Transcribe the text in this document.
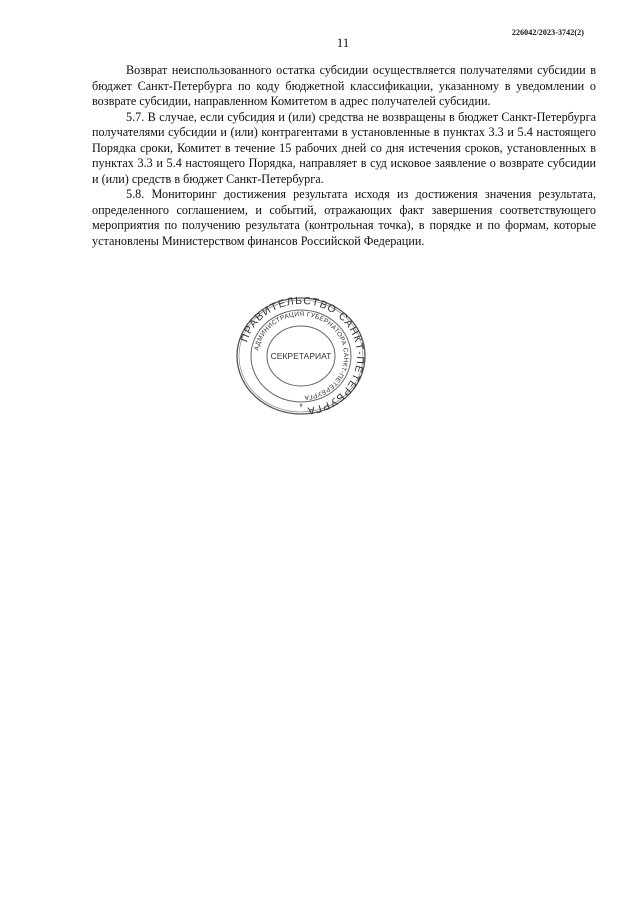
226042/2023-3742(2)
11

Возврат неиспользованного остатка субсидии осуществляется получателями субсидии в бюджет Санкт-Петербурга по коду бюджетной классификации, указанному в уведомлении о возврате субсидии, направленном Комитетом в адрес получателей субсидии.

5.7. В случае, если субсидия и (или) средства не возвращены в бюджет Санкт-Петербурга получателями субсидии и (или) контрагентами в установленные в пунктах 3.3 и 5.4 настоящего Порядка сроки, Комитет в течение 15 рабочих дней со дня истечения сроков, установленных в пунктах 3.3 и 5.4 настоящего Порядка, направляет в суд исковое заявление о возврате субсидии и (или) средств в бюджет Санкт-Петербурга.

5.8. Мониторинг достижения результата исходя из достижения значения результата, определенного соглашением, и событий, отражающих факт завершения соответствующего мероприятия по получению результата (контрольная точка), в порядке и по формам, которые установлены Министерством финансов Российской Федерации.

ПРАВИТЕЛЬСТВО САНКТ-ПЕТЕРБУРГА
АДМИНИСТРАЦИЯ ГУБЕРНАТОРА САНКТ-ПЕТЕРБУРГА
СЕКРЕТАРИАТ
*
